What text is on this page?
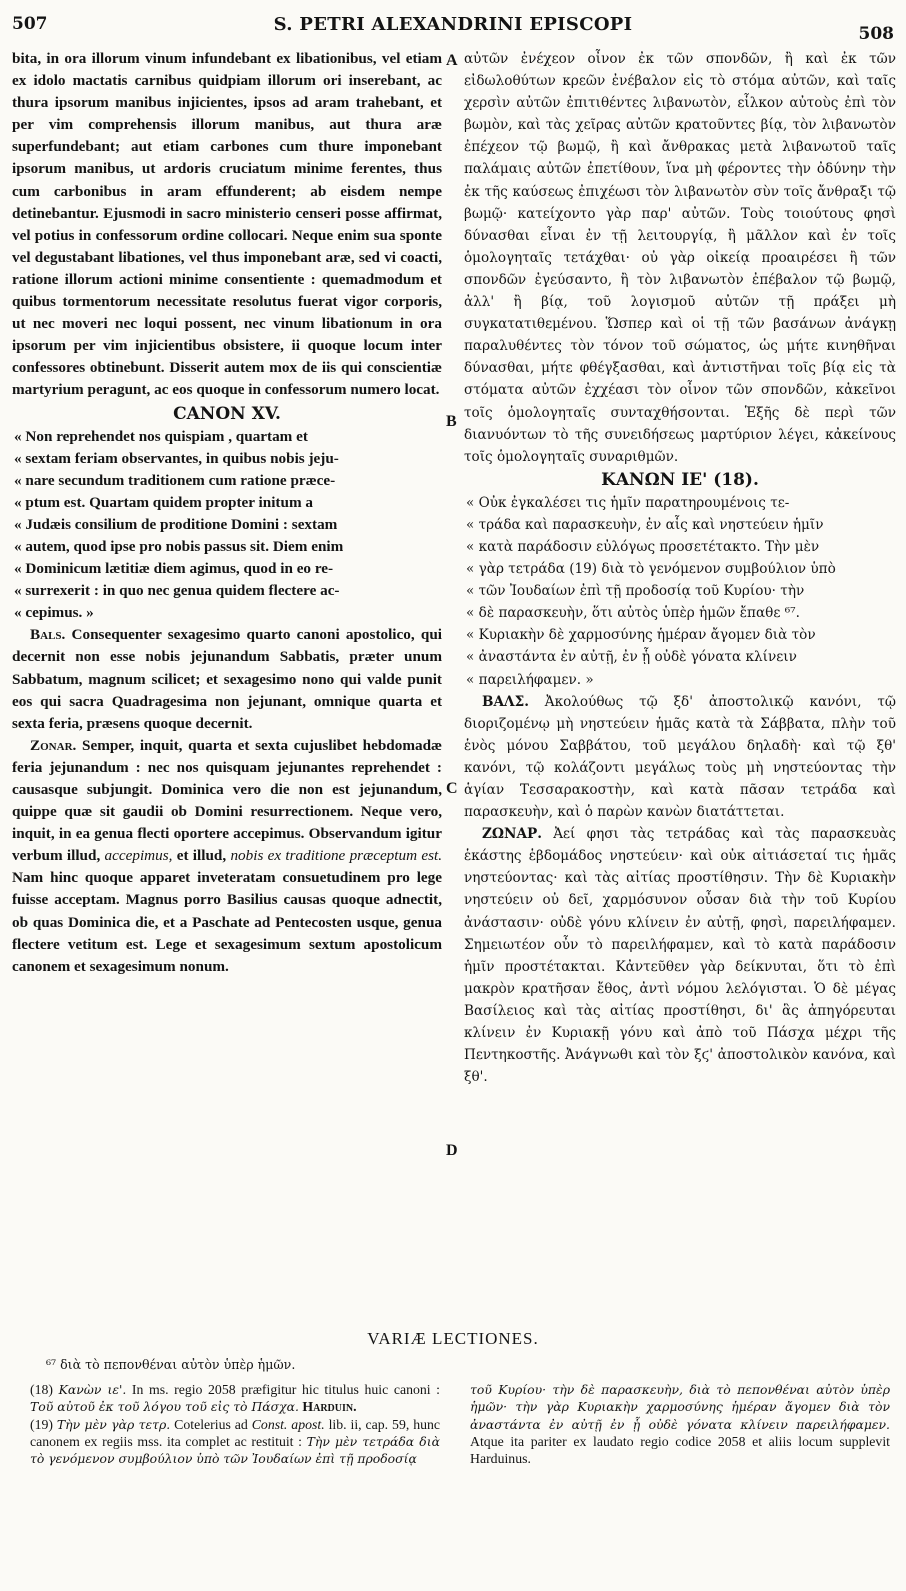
507	S. PETRI ALEXANDRINI EPISCOPI	508
A
B
C
D

bita, in ora illorum vinum infundebant ex libationibus, vel etiam ex idolo mactatis carnibus quidpiam illorum ori inserebant, ac thura ipsorum manibus injicientes, ipsos ad aram trahebant, et per vim comprehensis illorum manibus, aut thura aræ superfundebant; aut etiam carbones cum thure imponebant ipsorum manibus, ut ardoris cruciatum minime ferentes, thus cum carbonibus in aram effunderent; ab eisdem nempe detinebantur. Ejusmodi in sacro ministerio censeri posse affirmat, vel potius in confessorum ordine collocari. Neque enim sua sponte vel degustabant libationes, vel thus imponebant aræ, sed vi coacti, ratione illorum actioni minime consentiente : quemadmodum et quibus tormentorum necessitate resolutus fuerat vigor corporis, ut nec moveri nec loqui possent, nec vinum libationum in ora ipsorum per vim injicientibus obsistere, ii quoque locum inter confessores obtinebunt. Disserit autem mox de iis qui conscientiæ martyrium peragunt, ac eos quoque in confessorum numero locat.

CANON XV.

« Non reprehendet nos quispiam , quartam et
« sextam feriam observantes, in quibus nobis jeju-
« nare secundum traditionem cum ratione præce-
« ptum est. Quartam quidem propter initum a
« Judæis consilium de proditione Domini : sextam
« autem, quod ipse pro nobis passus sit. Diem enim
« Dominicum lætitiæ diem agimus, quod in eo re-
« surrexerit : in quo nec genua quidem flectere ac-
« cepimus. »

Bals. Consequenter sexagesimo quarto canoni apostolico, qui decernit non esse nobis jejunandum Sabbatis, præter unum Sabbatum, magnum scilicet; et sexagesimo nono qui valde punit eos qui sacra Quadragesima non jejunant, omnique quarta et sexta feria, præsens quoque decernit.

Zonar. Semper, inquit, quarta et sexta cujuslibet hebdomadæ feria jejunandum : nec nos quisquam jejunantes reprehendet : causasque subjungit. Dominica vero die non est jejunandum, quippe quæ sit gaudii ob Domini resurrectionem. Neque vero, inquit, in ea genua flecti oportere accepimus. Observandum igitur verbum illud, accepimus, et illud, nobis ex traditione præceptum est. Nam hinc quoque apparet inveteratam consuetudinem pro lege fuisse acceptam. Magnus porro Basilius causas quoque adnectit, ob quas Dominica die, et a Paschate ad Pentecosten usque, genua flectere vetitum est. Lege et sexagesimum sextum apostolicum canonem et sexagesimum nonum.

αὐτῶν ἐνέχεον οἶνον ἐκ τῶν σπονδῶν, ἢ καὶ ἐκ τῶν εἰδωλοθύτων κρεῶν ἐνέβαλον εἰς τὸ στόμα αὐτῶν, καὶ ταῖς χερσὶν αὐτῶν ἐπιτιθέντες λιβανωτὸν, εἷλκον αὐτοὺς ἐπὶ τὸν βωμὸν, καὶ τὰς χεῖρας αὐτῶν κρατοῦντες βίᾳ, τὸν λιβανωτὸν ἐπέχεον τῷ βωμῷ, ἢ καὶ ἄνθρακας μετὰ λιβανωτοῦ ταῖς παλάμαις αὐτῶν ἐπετίθουν, ἵνα μὴ φέροντες τὴν ὀδύνην τὴν ἐκ τῆς καύσεως ἐπιχέωσι τὸν λιβανωτὸν σὺν τοῖς ἄνθραξι τῷ βωμῷ· κατείχοντο γὰρ παρ' αὐτῶν. Τοὺς τοιούτους φησὶ δύνασθαι εἶναι ἐν τῇ λειτουργίᾳ, ἢ μᾶλλον καὶ ἐν τοῖς ὁμολογηταῖς τετάχθαι· οὐ γὰρ οἰκείᾳ προαιρέσει ἢ τῶν σπονδῶν ἐγεύσαντο, ἢ τὸν λιβανωτὸν ἐπέβαλον τῷ βωμῷ, ἀλλ' ἢ βίᾳ, τοῦ λογισμοῦ αὐτῶν τῇ πράξει μὴ συγκατατιθεμένου. Ὥσπερ καὶ οἱ τῇ τῶν βασάνων ἀνάγκῃ παραλυθέντες τὸν τόνον τοῦ σώματος, ὡς μήτε κινηθῆναι δύνασθαι, μήτε φθέγξασθαι, καὶ ἀντιστῆναι τοῖς βίᾳ εἰς τὰ στόματα αὐτῶν ἐχχέασι τὸν οἶνον τῶν σπονδῶν, κἀκεῖνοι τοῖς ὁμολογηταῖς συνταχθήσονται. Ἑξῆς δὲ περὶ τῶν διανυόντων τὸ τῆς συνειδήσεως μαρτύριον λέγει, κἀκείνους τοῖς ὁμολογηταῖς συναριθμῶν.

ΚΑΝΩΝ ΙΕ' (18).

« Οὐκ ἐγκαλέσει τις ἡμῖν παρατηρουμένοις τε-
« τράδα καὶ παρασκευὴν, ἐν αἷς καὶ νηστεύειν ἡμῖν
« κατὰ παράδοσιν εὐλόγως προσετέτακτο. Τὴν μὲν
« γὰρ τετράδα (19) διὰ τὸ γενόμενον συμβούλιον ὑπὸ
« τῶν Ἰουδαίων ἐπὶ τῇ προδοσίᾳ τοῦ Κυρίου· τὴν
« δὲ παρασκευὴν, ὅτι αὐτὸς ὑπὲρ ἡμῶν ἔπαθε ⁶⁷.
« Κυριακὴν δὲ χαρμοσύνης ἡμέραν ἄγομεν διὰ τὸν
« ἀναστάντα ἐν αὐτῇ, ἐν ᾗ οὐδὲ γόνατα κλίνειν
« παρειλήφαμεν. »

ΒΑΛΣ. Ἀκολούθως τῷ ξδ' ἀποστολικῷ κανόνι, τῷ διοριζομένῳ μὴ νηστεύειν ἡμᾶς κατὰ τὰ Σάββατα, πλὴν τοῦ ἑνὸς μόνου Σαββάτου, τοῦ μεγάλου δηλαδὴ· καὶ τῷ ξθ' κανόνι, τῷ κολάζοντι μεγάλως τοὺς μὴ νηστεύοντας τὴν ἁγίαν Τεσσαρακοστὴν, καὶ κατὰ πᾶσαν τετράδα καὶ παρασκευὴν, καὶ ὁ παρὼν κανὼν διατάττεται.

ΖΩΝΑΡ. Ἀεί φησι τὰς τετράδας καὶ τὰς παρασκευὰς ἑκάστης ἑβδομάδος νηστεύειν· καὶ οὐκ αἰτιάσεταί τις ἡμᾶς νηστεύοντας· καὶ τὰς αἰτίας προστίθησιν. Τὴν δὲ Κυριακὴν νηστεύειν οὐ δεῖ, χαρμόσυνον οὖσαν διὰ τὴν τοῦ Κυρίου ἀνάστασιν· οὐδὲ γόνυ κλίνειν ἐν αὐτῇ, φησὶ, παρειλήφαμεν. Σημειωτέον οὖν τὸ παρειλήφαμεν, καὶ τὸ κατὰ παράδοσιν ἡμῖν προστέτακται. Κἀντεῦθεν γὰρ δείκνυται, ὅτι τὸ ἐπὶ μακρὸν κρατῆσαν ἔθος, ἀντὶ νόμου λελόγισται. Ὁ δὲ μέγας Βασίλειος καὶ τὰς αἰτίας προστίθησι, δι' ἃς ἀπηγόρευται κλίνειν ἐν Κυριακῇ γόνυ καὶ ἀπὸ τοῦ Πάσχα μέχρι τῆς Πεντηκοστῆς. Ἀνάγνωθι καὶ τὸν ξϛ' ἀποστολικὸν κανόνα, καὶ ξθ'.

VARIÆ LECTIONES.
⁶⁷ διὰ τὸ πεπονθέναι αὐτὸν ὑπὲρ ἡμῶν.

(18) Κανὼν ιε'. In ms. regio 2058 præfigitur hic titulus huic canoni : Τοῦ αὐτοῦ ἐκ τοῦ λόγου τοῦ εἰς τὸ Πάσχα. Harduin.

(19) Τὴν μὲν γὰρ τετρ. Cotelerius ad Const. apost. lib. ii, cap. 59, hunc canonem ex regiis mss. ita complet ac restituit : Τὴν μὲν τετράδα διὰ τὸ γενόμενον συμβούλιον ὑπὸ τῶν Ἰουδαίων ἐπὶ τῇ προδοσίᾳ

τοῦ Κυρίου· τὴν δὲ παρασκευὴν, διὰ τὸ πεπονθέναι αὐτὸν ὑπὲρ ἡμῶν· τὴν γὰρ Κυριακὴν χαρμοσύνης ἡμέραν ἄγομεν διὰ τὸν ἀναστάντα ἐν αὐτῇ ἐν ᾗ οὐδὲ γόνατα κλίνειν παρειλήφαμεν. Atque ita pariter ex laudato regio codice 2058 et aliis locum supplevit Harduinus.
